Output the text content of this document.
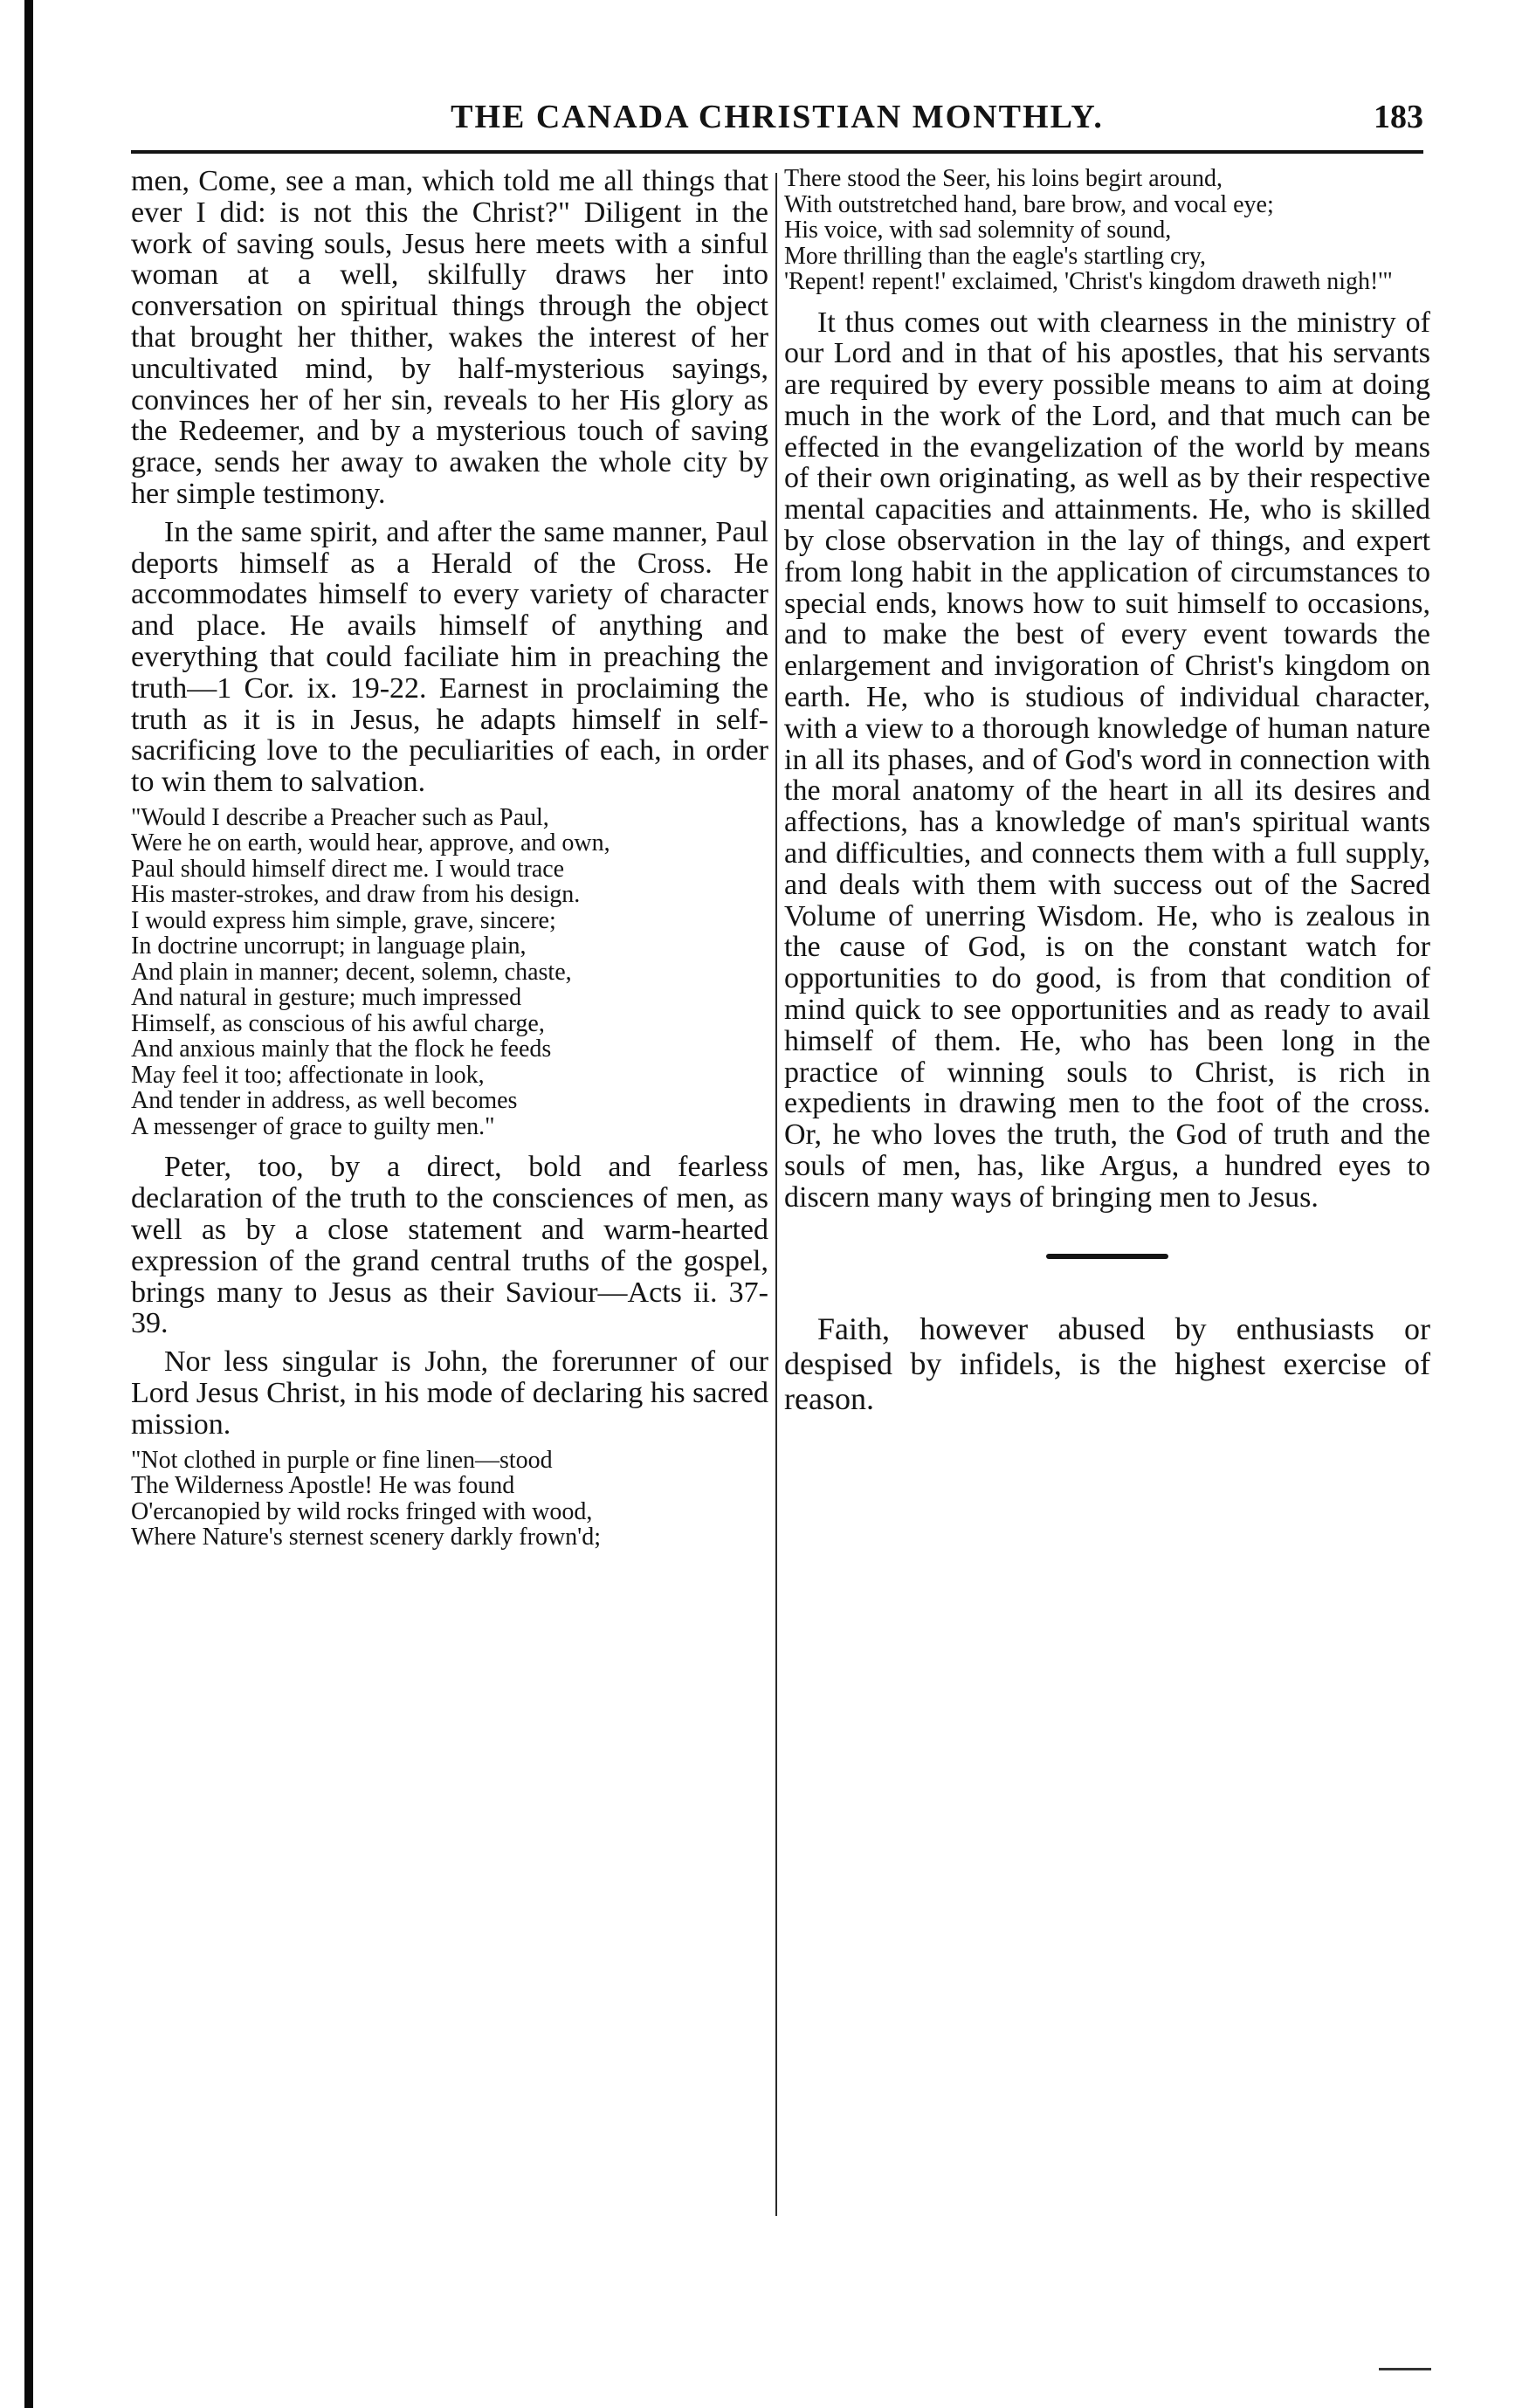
THE CANADA CHRISTIAN MONTHLY.	183

men, Come, see a man, which told me all things that ever I did: is not this the Christ?" Diligent in the work of saving souls, Jesus here meets with a sinful woman at a well, skilfully draws her into conversation on spiritual things through the object that brought her thither, wakes the interest of her uncultivated mind, by half-mysterious sayings, convinces her of her sin, reveals to her His glory as the Redeemer, and by a mysterious touch of saving grace, sends her away to awaken the whole city by her simple testimony.

In the same spirit, and after the same manner, Paul deports himself as a Herald of the Cross. He accommodates himself to every variety of character and place. He avails himself of anything and everything that could faciliate him in preaching the truth—1 Cor. ix. 19-22. Earnest in proclaiming the truth as it is in Jesus, he adapts himself in self-sacrificing love to the peculiarities of each, in order to win them to salvation.

"Would I describe a Preacher such as Paul,
Were he on earth, would hear, approve, and own,
Paul should himself direct me. I would trace
His master-strokes, and draw from his design.
I would express him simple, grave, sincere;
In doctrine uncorrupt; in language plain,
And plain in manner; decent, solemn, chaste,
And natural in gesture; much impressed
Himself, as conscious of his awful charge,
And anxious mainly that the flock he feeds
May feel it too; affectionate in look,
And tender in address, as well becomes
A messenger of grace to guilty men."

Peter, too, by a direct, bold and fearless declaration of the truth to the consciences of men, as well as by a close statement and warm-hearted expression of the grand central truths of the gospel, brings many to Jesus as their Saviour—Acts ii. 37-39.

Nor less singular is John, the forerunner of our Lord Jesus Christ, in his mode of declaring his sacred mission.

"Not clothed in purple or fine linen—stood
The Wilderness Apostle! He was found
O'ercanopied by wild rocks fringed with wood,
Where Nature's sternest scenery darkly frown'd;
There stood the Seer, his loins begirt around,
With outstretched hand, bare brow, and vocal eye;
His voice, with sad solemnity of sound,
More thrilling than the eagle's startling cry,
'Repent! repent!' exclaimed, 'Christ's kingdom draweth nigh!'"

It thus comes out with clearness in the ministry of our Lord and in that of his apostles, that his servants are required by every possible means to aim at doing much in the work of the Lord, and that much can be effected in the evangelization of the world by means of their own originating, as well as by their respective mental capacities and attainments. He, who is skilled by close observation in the lay of things, and expert from long habit in the application of circumstances to special ends, knows how to suit himself to occasions, and to make the best of every event towards the enlargement and invigoration of Christ's kingdom on earth. He, who is studious of individual character, with a view to a thorough knowledge of human nature in all its phases, and of God's word in connection with the moral anatomy of the heart in all its desires and affections, has a knowledge of man's spiritual wants and difficulties, and connects them with a full supply, and deals with them with success out of the Sacred Volume of unerring Wisdom. He, who is zealous in the cause of God, is on the constant watch for opportunities to do good, is from that condition of mind quick to see opportunities and as ready to avail himself of them. He, who has been long in the practice of winning souls to Christ, is rich in expedients in drawing men to the foot of the cross. Or, he who loves the truth, the God of truth and the souls of men, has, like Argus, a hundred eyes to discern many ways of bringing men to Jesus.

Faith, however abused by enthusiasts or despised by infidels, is the highest exercise of reason.
